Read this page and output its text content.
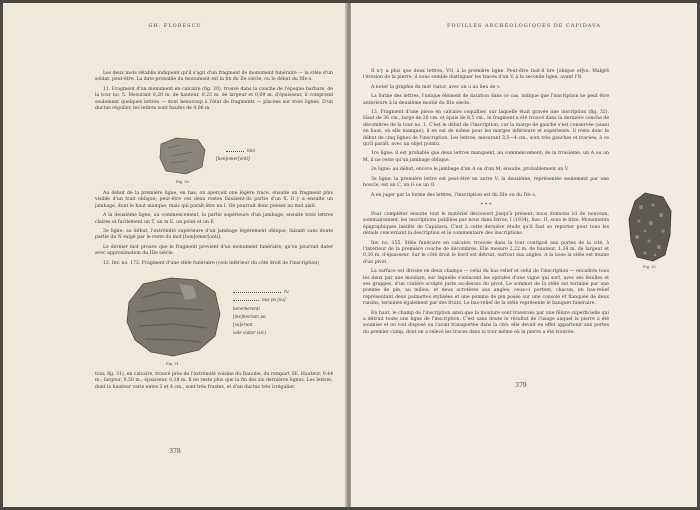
GH. FLORESCU

Les deux mots rétablis indiquent qu'il s'agit d'un fragment de monument funéraire — la stèle d'un soldat, peut-être. La date probable du monument est la fin du IIe siècle, ou le début du IIIe s.

11. Fragment d'un monument en calcaire (fig. 30), trouvé dans la couche de l'époque barbare, de la tour no. 5. Mesurant 0,20 m. de hauteur, 0,23 m. de largeur et 0,09 m. d'épaisseur, il comprend seulement quelques lettres — dont beaucoup à l'état de fragments — placées sur trois lignes. D'un ductus régulier, les lettres sont hautes de 0,06 m.

nini
[bon]omer[onti]
Fig. 30.

Au début de la première ligne, en bas, on aperçoit une légère trace, ensuite un fragment plus visible d'un trait oblique; peut-être ces deux restes faisaient-ils partie d'un X. Il y a ensuite un jambage, dont le haut manque, mais qui paraît être un I. On pourrait donc penser au mot xisit.

A la deuxième ligne, au commencement, la partie supérieure d'un jambage, ensuite trois lettres claires et facilement un T, un m E, un point et un F.

3e ligne: au début, l'extrémité supérieure d'un jambage légèrement oblique, faisant sans doute partie du N exigé par le reste du mot [bon]omer[onti].

Le dernier mot prouve que le fragment provient d'un monument funéraire, qu'on pourrait dater avec approximation du IIIe siècle.

12. Inv. no. 173. Fragment d'une stèle funéraire (coin inférieur du côté droit de l'inscription)

ru
nus po [su]
benemerenti
[me]moriam po
[su]erunt
vale viator (sic)
Fig. 31.

tion; fig. 31), en calcaire, trouvé près de l'extrémité voisine du Danube, du rempart SE. Hauteur, 0,44 m.; largeur, 0,50 m.; épaisseur, 0,18 m. Il ne reste plus que la fin des six dernières lignes. Les lettres, dont la hauteur varie entre 3 et 4 cm., sont très frustes, et d'un ductus très irrégulier.

378
FOUILLES ARCHÉOLOGIQUES DE CAPIDAVA

Il n'y a plus que deux lettres, VO, à la première ligne. Peut-être faut-il lire [obique et]vo. Malgré l'érosion de la pierre, il nous semble distinguer les traces d'un V, à la seconde ligne, avant l'N.

A noter la graphie du mot viator, avec un u au lieu de v.

La forme des lettres, l'unique élément de datation dans ce cas, indique que l'inscription ne peut être antérieure à la deuxième moitié du IIIe siècle.

13. Fragment d'une pièce en calcaire coquillier, sur laquelle était gravée une inscription (fig. 32). Haut de 36 cm., large de 20 cm. et épais de 8,5 cm., le fragment a été trouvé dans la dernière couche de décombres de la tour no. 1. C'est le début de l'inscription, car la marge de gauche s'est conservée (aussi en haut, où elle manque); il en est de même pour les marges inférieure et supérieure. Il reste donc le début de cinq lignes de l'inscription. Les lettres, mesurant 3,5—4 cm., sont très gauches et tracées, à ce qu'il paraît, avec un objet pointu.

1re ligne: il est probable que deux lettres manquent, au commencement; de la troisième, un A ou un M, il ne reste qu'un jambage oblique.

2e ligne: au début, encore le jambage d'un A ou d'un M; ensuite, probablement un V.

3e ligne: la première lettre est peut-être un autre V; la deuxième, représentée seulement par une boucle, est un C, un G ou un O.

A en juger par la forme des lettres, l'inscription est du IIIe ou du IVe s.

* * *

Pour compléter ensuite tout le matériel découvert jusqu'à présent, nous donnons ici de nouveau, sommairement, les inscriptions publiées par nous dans Istros, I (1934), fasc. II, sous le titre: Monuments épigraphiques inédits de Capidava. C'est à cette dernière étude qu'il faut se reporter pour tous les détails concernant la description et le commentaire des inscriptions.

Inv. no. 155. Stèle funéraire en calcaire, trouvée dans la tour contiguë aux portes de la cité, à l'intérieur de la première couche de décombres. Elle mesure 2,22 m. de hauteur, 1,34 m. de largeur et 0,30 m. d'épaisseur. Sur le côté droit le bord est détruit, surtout aux angles. A la base la stèle est munie d'un pivot.

La surface est divisée en deux champs — celui du bas relief et celui de l'inscription — encadrés tous les deux par une moulure, sur laquelle s'enlacent les spirales d'une vigne qui sort, avec ses feuilles et ses grappes, d'un cratère sculpté juste au-dessus du pivot. Le sommet de la stèle est terminé par une pomme de pin, au milieu, et deux acrotères aux angles; ceux-ci portent, chacun, un bas-relief représentant deux palmettes stylisées et une pomme de pin posée sur une console et flanquée de deux raisins, terminés également par des fruits. Le bas-relief de la stèle représente le banquet funéraire.

En haut, le champ de l'inscription ainsi que la moulure sont traversés par une fêlure superficielle qui a détruit toute une ligne de l'inscription. C'est sans doute le résultat de l'usage auquel la pierre a été soumise et on voit disposé ou l'avait transportée dans la cité; elle devait en effet appartenir aux portes du premier camp, dont on a relevé les traces dans la tour même où la pierre a été trouvée.

Fig. 32.
379
